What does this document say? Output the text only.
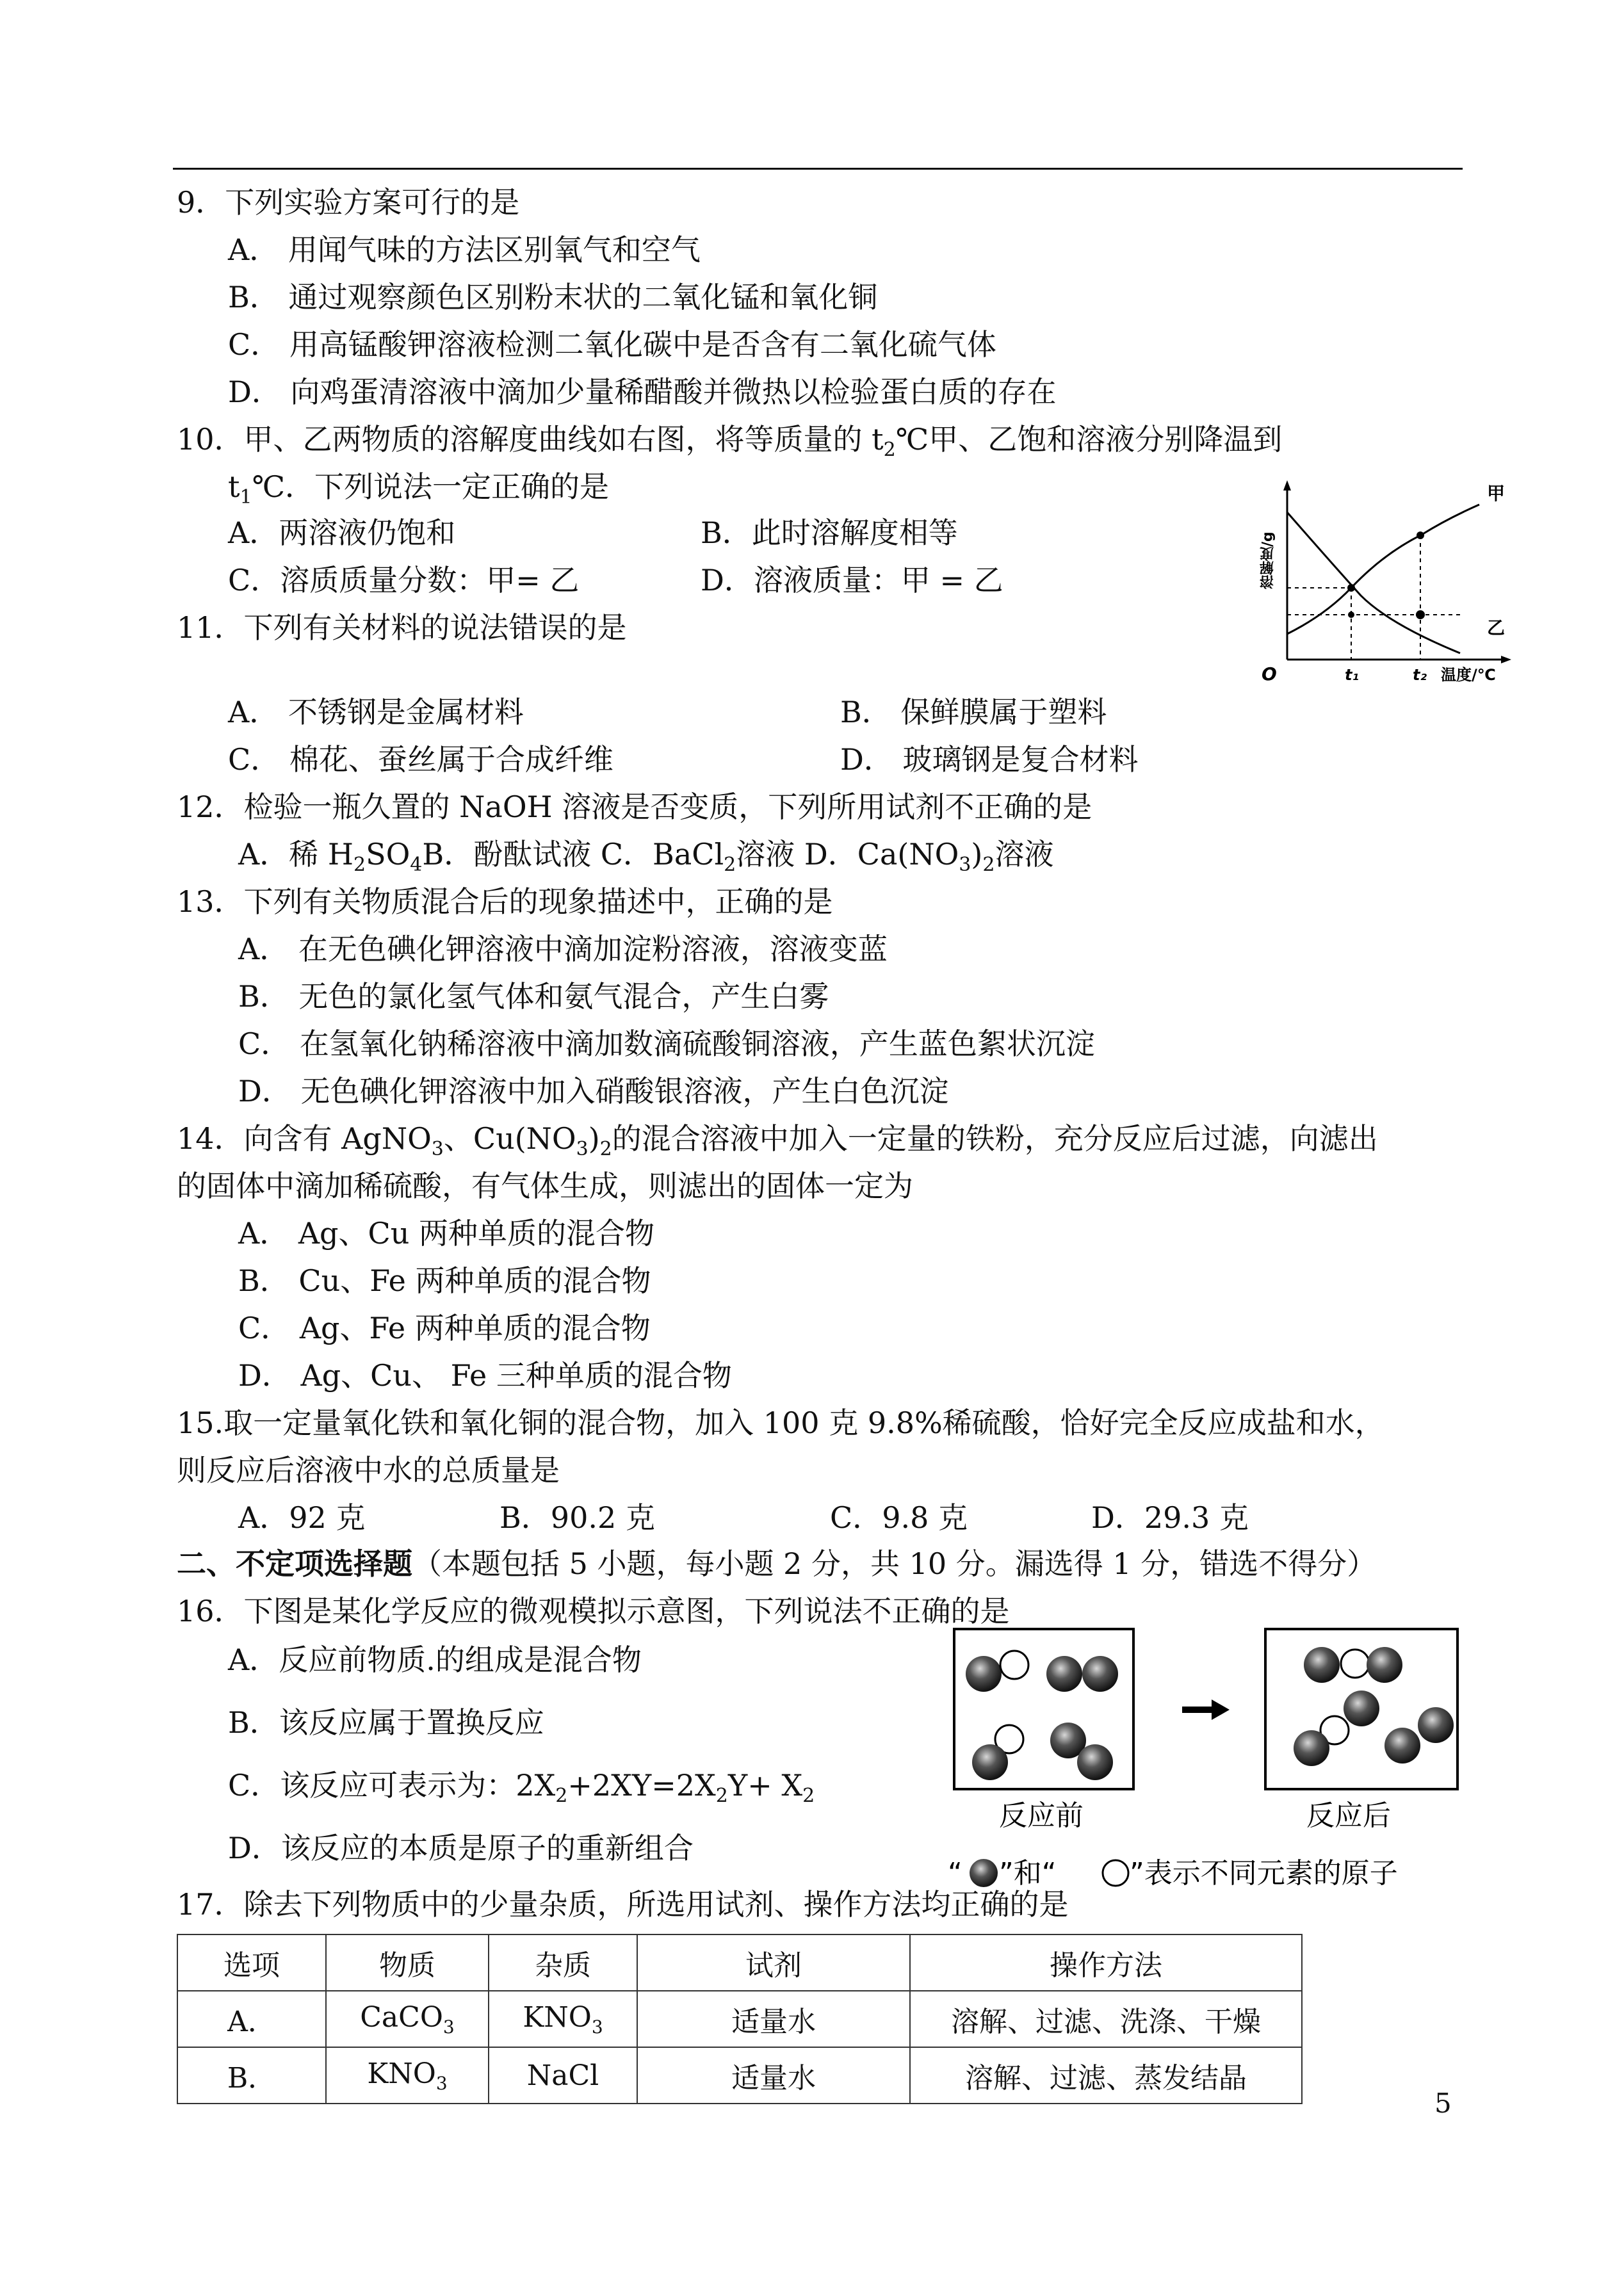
9．下列实验方案可行的是
A． 用闻气味的方法区别氧气和空气
B． 通过观察颜色区别粉末状的二氧化锰和氧化铜
C． 用高锰酸钾溶液检测二氧化碳中是否含有二氧化硫气体
D． 向鸡蛋清溶液中滴加少量稀醋酸并微热以检验蛋白质的存在
10．甲、乙两物质的溶解度曲线如右图，将等质量的 $t_2℃$甲、乙饱和溶液分别降温到
$t_1℃$．下列说法一定正确的是
A．两溶液仍饱和	B．此时溶解度相等
C．溶质质量分数：甲= 乙	D．溶液质量：甲 = 乙	溶解度/g
O	t₁	t₂ 温度/℃
甲
乙
11．下列有关材料的说法错误的是
A． 不锈钢是金属材料	B． 保鲜膜属于塑料
C． 棉花、蚕丝属于合成纤维	D． 玻璃钢是复合材料
12．检验一瓶久置的 NaOH 溶液是否变质，下列所用试剂不正确的是
A．稀 $H_2SO_4B$．酚酞试液 C．BaCl$_2$溶液 D．$Ca(NO_3)_2$溶液
13．下列有关物质混合后的现象描述中，正确的是
A． 在无色碘化钾溶液中滴加淀粉溶液，溶液变蓝
B． 无色的氯化氢气体和氨气混合，产生白雾
C． 在氢氧化钠稀溶液中滴加数滴硫酸铜溶液，产生蓝色絮状沉淀
D． 无色碘化钾溶液中加入硝酸银溶液，产生白色沉淀
14．向含有 AgNO$_3$、$Cu(NO_3)_2$的混合溶液中加入一定量的铁粉，充分反应后过滤，向滤出
的固体中滴加稀硫酸，有气体生成，则滤出的固体一定为
A． Ag、Cu 两种单质的混合物
B． Cu、Fe 两种单质的混合物
C． Ag、Fe 两种单质的混合物
D． Ag、Cu、 Fe 三种单质的混合物
15.取一定量氧化铁和氧化铜的混合物，加入 100 克 9.8%稀硫酸，恰好完全反应成盐和水，
则反应后溶液中水的总质量是
A．92 克	B．90.2 克	C．9.8 克	D．29.3 克
二、不定项选择题（本题包括 5 小题，每小题 2 分，共 10 分。漏选得 1 分，错选不得分）
16．下图是某化学反应的微观模拟示意图，下列说法不正确的是
A．反应前物质.的组成是混合物
B．该反应属于置换反应
C．该反应可表示为：$2X_2+2XY=2X_2Y+ X_2$
D．该反应的本质是原子的重新组合
反应前	反应后
“ ”和“	”表示不同元素的原子
17．除去下列物质中的少量杂质，所选用试剂、操作方法均正确的是
选项	物质	杂质	试剂	操作方法
A．	CaCO$_3$	$KNO_3$	适量水	溶解、过滤、洗涤、干燥
B．	$KNO_3$	NaCl	适量水	溶解、过滤、蒸发结晶
5
